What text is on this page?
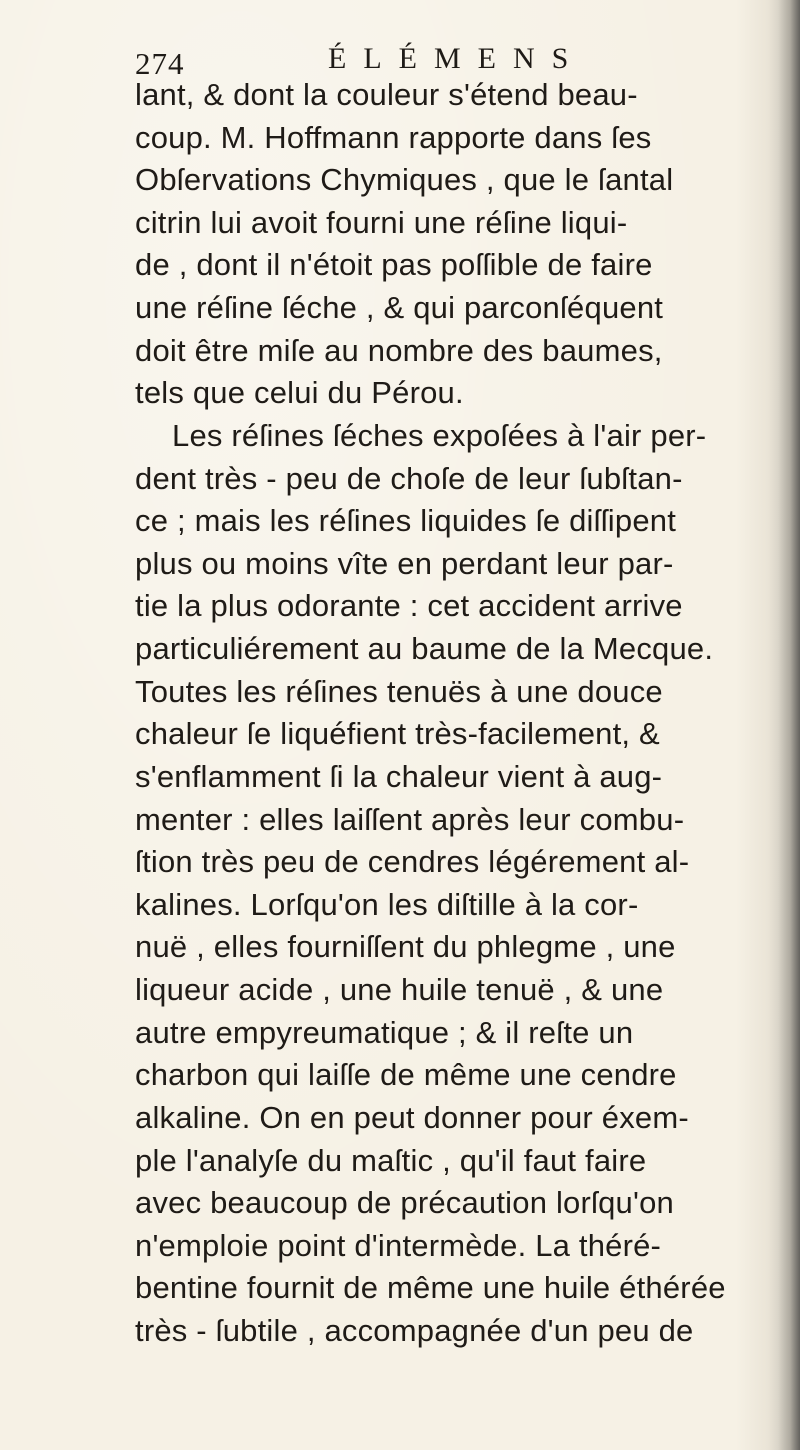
274	ÉLÉMENS
lant, & dont la couleur s'étend beau-
coup. M. Hoffmann rapporte dans ſes
Obſervations Chymiques , que le ſantal
citrin lui avoit fourni une réſine liqui-
de , dont il n'étoit pas poſſible de faire
une réſine ſéche , & qui parconſéquent
doit être miſe au nombre des baumes,
tels que celui du Pérou.
Les réſines ſéches expoſées à l'air per-
dent très - peu de choſe de leur ſubſtan-
ce ; mais les réſines liquides ſe diſſipent
plus ou moins vîte en perdant leur par-
tie la plus odorante : cet accident arrive
particuliérement au baume de la Mecque.
Toutes les réſines tenuës à une douce
chaleur ſe liquéfient très-facilement, &
s'enflamment ſi la chaleur vient à aug-
menter : elles laiſſent après leur combu-
ſtion très peu de cendres légérement al-
kalines. Lorſqu'on les diſtille à la cor-
nuë , elles fourniſſent du phlegme , une
liqueur acide , une huile tenuë , & une
autre empyreumatique ; & il reſte un
charbon qui laiſſe de même une cendre
alkaline. On en peut donner pour éxem-
ple l'analyſe du maſtic , qu'il faut faire
avec beaucoup de précaution lorſqu'on
n'emploie point d'intermède. La théré-
bentine fournit de même une huile éthérée
très - ſubtile , accompagnée d'un peu de
